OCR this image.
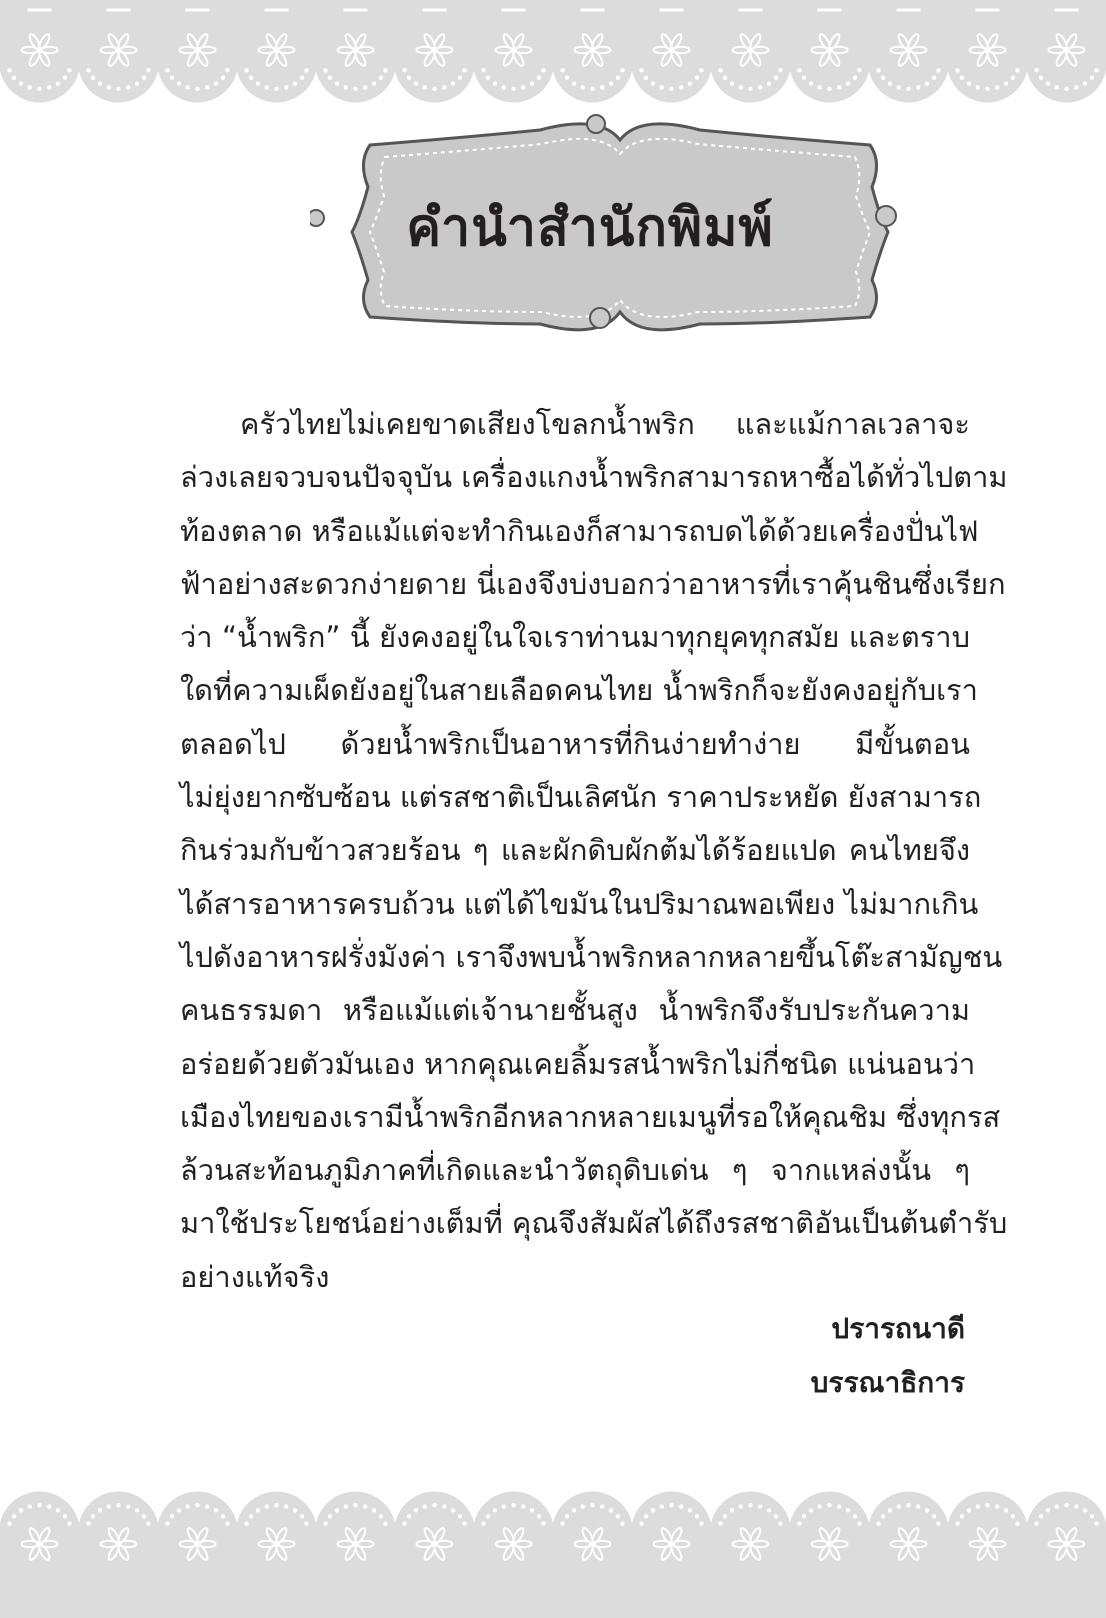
คำนำสำนักพิมพ์
ครัวไทยไม่เคยขาดเสียงโขลกน้ำพริก และแม้กาลเวลาจะ
ล่วงเลยจวบจนปัจจุบัน เครื่องแกงน้ำพริกสามารถหาซื้อได้ทั่วไปตาม
ท้องตลาด หรือแม้แต่จะทำกินเองก็สามารถบดได้ด้วยเครื่องปั่นไฟ
ฟ้าอย่างสะดวกง่ายดาย นี่เองจึงบ่งบอกว่าอาหารที่เราคุ้นชินซึ่งเรียก
ว่า “น้ำพริก” นี้ ยังคงอยู่ในใจเราท่านมาทุกยุคทุกสมัย และตราบ
ใดที่ความเผ็ดยังอยู่ในสายเลือดคนไทย น้ำพริกก็จะยังคงอยู่กับเรา
ตลอดไป ด้วยน้ำพริกเป็นอาหารที่กินง่ายทำง่าย มีขั้นตอน
ไม่ยุ่งยากซับซ้อน แต่รสชาติเป็นเลิศนัก ราคาประหยัด ยังสามารถ
กินร่วมกับข้าวสวยร้อน ๆ และผักดิบผักต้มได้ร้อยแปด คนไทยจึง
ได้สารอาหารครบถ้วน แต่ได้ไขมันในปริมาณพอเพียง ไม่มากเกิน
ไปดังอาหารฝรั่งมังค่า เราจึงพบน้ำพริกหลากหลายขึ้นโต๊ะสามัญชน
คนธรรมดา หรือแม้แต่เจ้านายชั้นสูง น้ำพริกจึงรับประกันความ
อร่อยด้วยตัวมันเอง หากคุณเคยลิ้มรสน้ำพริกไม่กี่ชนิด แน่นอนว่า
เมืองไทยของเรามีน้ำพริกอีกหลากหลายเมนูที่รอให้คุณชิม ซึ่งทุกรส
ล้วนสะท้อนภูมิภาคที่เกิดและนำวัตถุดิบเด่น ๆ จากแหล่งนั้น ๆ
มาใช้ประโยชน์อย่างเต็มที่ คุณจึงสัมผัสได้ถึงรสชาติอันเป็นต้นตำรับ
อย่างแท้จริง
ปรารถนาดี
บรรณาธิการ
